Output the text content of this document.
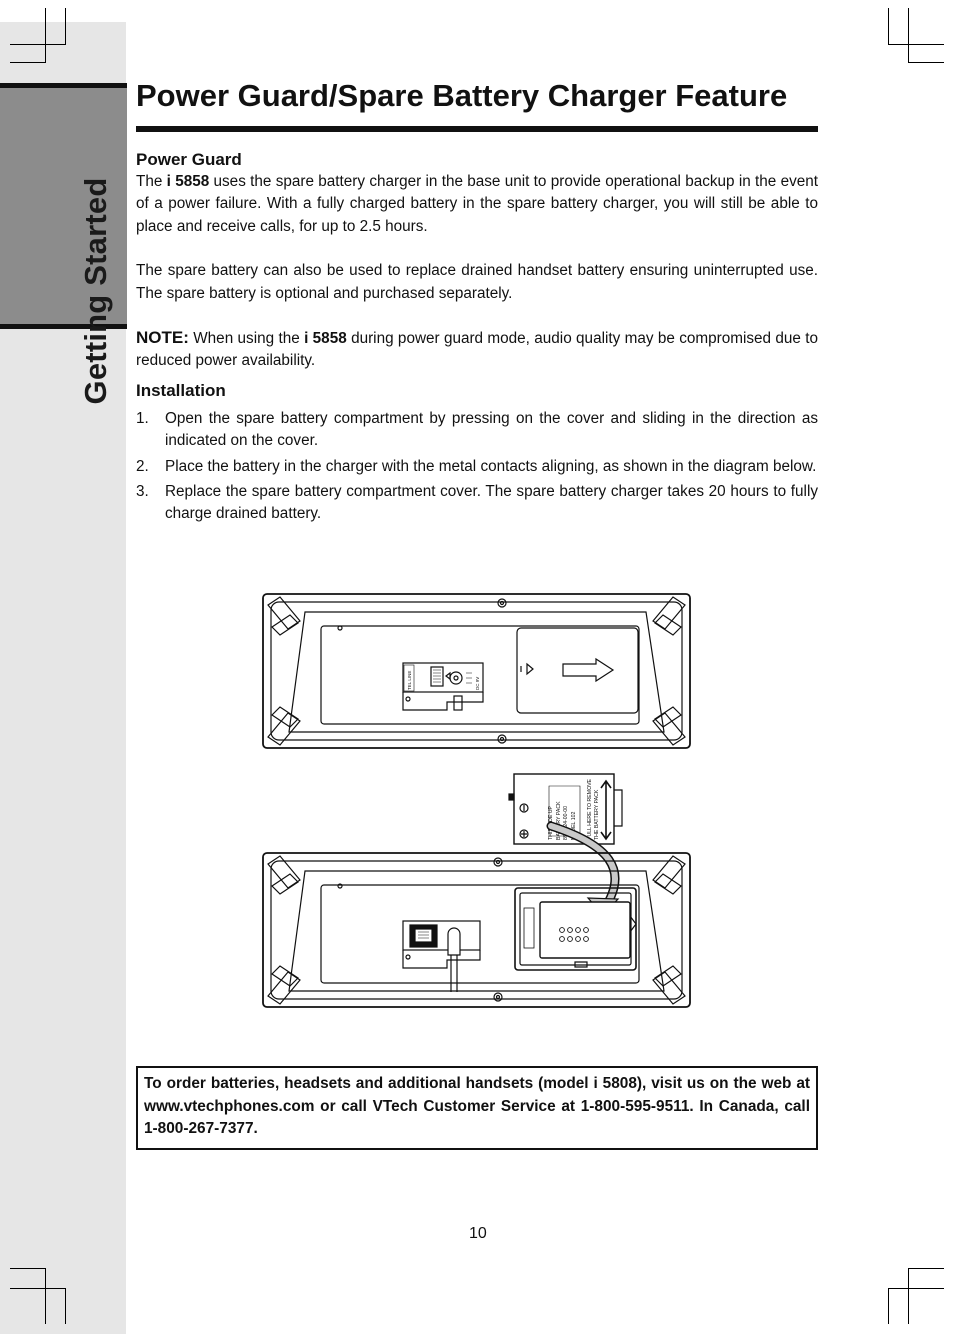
Getting Started
Power Guard/Spare Battery Charger Feature
Power Guard

The i 5858 uses the spare battery charger in the base unit to provide operational backup in the event of a power failure. With a fully charged battery in the spare battery charger, you will still be able to place and receive calls, for up to 2.5 hours.

The spare battery can also be used to replace drained handset battery ensuring uninterrupted use. The spare battery is optional and purchased separately.

NOTE: When using the i 5858 during power guard mode, audio quality may be compromised due to reduced power availability.

Installation
1. Open the spare battery compartment by pressing on the cover and sliding in the direction as indicated on the cover.
2. Place the battery in the charger with the metal contacts aligning, as shown in the diagram below.
3. Replace the spare battery compartment cover. The spare battery charger takes 20 hours to fully charge drained battery.
THIS SIDE UP BATTERY PACK 89-1324-00-00 MODEL 102 PULL HERE TO REMOVE THE BATTERY PACK
TEL LINE	DC 9V
To order batteries, headsets and additional handsets (model i 5808), visit us on the web at www.vtechphones.com or call VTech Customer Service at 1-800-595-9511. In Canada, call 1-800-267-7377.
10
